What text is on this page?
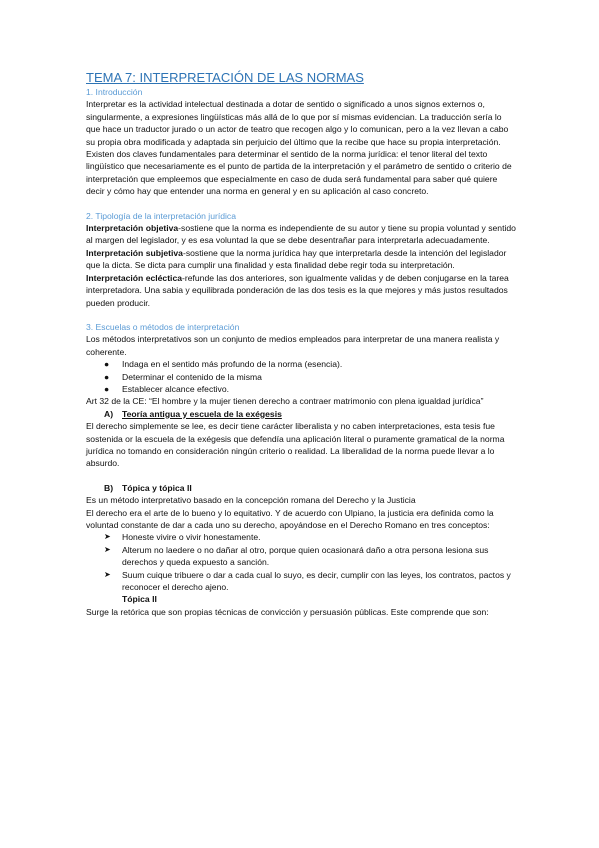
TEMA 7: INTERPRETACIÓN DE LAS NORMAS
1. Introducción

Interpretar es la actividad intelectual destinada a dotar de sentido o significado a unos signos externos o, singularmente, a expresiones lingüísticas más allá de lo que por sí mismas evidencian. La traducción sería lo que hace un traductor jurado o un actor de teatro que recogen algo y lo comunican, pero a la vez llevan a cabo su propia obra modificada y adaptada sin perjuicio del último que la recibe que hace su propia interpretación.

Existen dos claves fundamentales para determinar el sentido de la norma jurídica: el tenor literal del texto lingüístico que necesariamente es el punto de partida de la interpretación y el parámetro de sentido o criterio de interpretación que empleemos que especialmente en caso de duda será fundamental para saber qué quiere decir y cómo hay que entender una norma en general y en su aplicación al caso concreto.

2. Tipología de la interpretación jurídica

Interpretación objetiva-sostiene que la norma es independiente de su autor y tiene su propia voluntad y sentido al margen del legislador, y es esa voluntad la que se debe desentrañar para interpretarla adecuadamente.

Interpretación subjetiva-sostiene que la norma jurídica hay que interpretarla desde la intención del legislador que la dicta. Se dicta para cumplir una finalidad y esta finalidad debe regir toda su interpretación.

Interpretación ecléctica-refunde las dos anteriores, son igualmente validas y de deben conjugarse en la tarea interpretadora. Una sabia y equilibrada ponderación de las dos tesis es la que mejores y más justos resultados pueden producir.

3. Escuelas o métodos de interpretación

Los métodos interpretativos son un conjunto de medios empleados para interpretar de una manera realista y coherente.

● Indaga en el sentido más profundo de la norma (esencia).
● Determinar el contenido de la misma
● Establecer alcance efectivo.

Art 32 de la CE: “El hombre y la mujer tienen derecho a contraer matrimonio con plena igualdad jurídica”

A) Teoría antigua y escuela de la exégesis

El derecho simplemente se lee, es decir tiene carácter liberalista y no caben interpretaciones, esta tesis fue sostenida or la escuela de la exégesis que defendía una aplicación literal o puramente gramatical de la norma jurídica no tomando en consideración ningún criterio o realidad. La liberalidad de la norma puede llevar a lo absurdo.

B) Tópica y tópica II

Es un método interpretativo basado en la concepción romana del Derecho y la Justicia

El derecho era el arte de lo bueno y lo equitativo. Y de acuerdo con Ulpiano, la justicia era definida como la voluntad constante de dar a cada uno su derecho, apoyándose en el Derecho Romano en tres conceptos:

➤ Honeste vivire o vivir honestamente.
➤ Alterum no laedere o no dañar al otro, porque quien ocasionará daño a otra persona lesiona sus derechos y queda expuesto a sanción.
➤ Suum cuique tribuere o dar a cada cual lo suyo, es decir, cumplir con las leyes, los contratos, pactos y reconocer el derecho ajeno.
Tópica II

Surge la retórica que son propias técnicas de convicción y persuasión públicas. Este comprende que son:
